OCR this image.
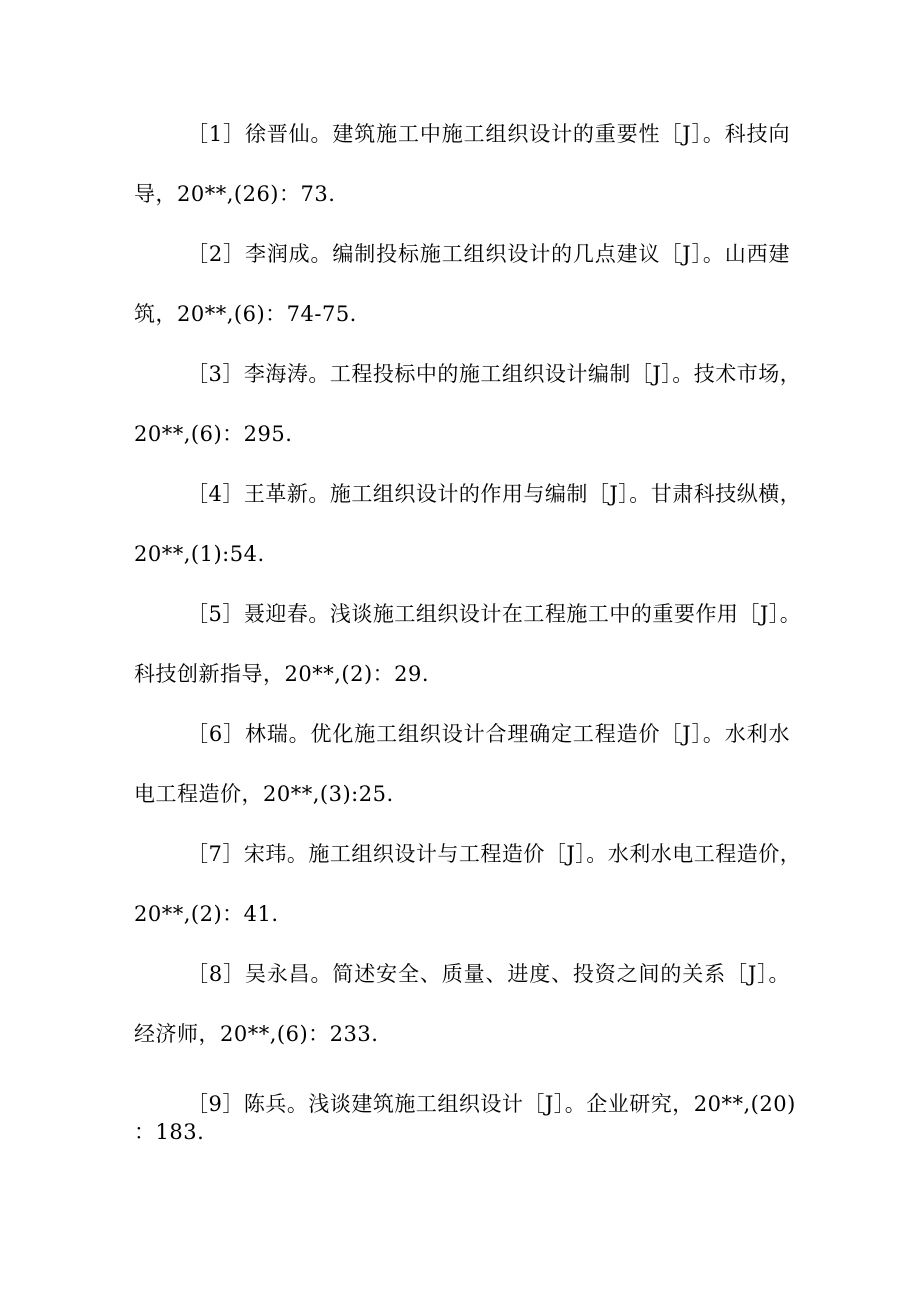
［1］徐晋仙。建筑施工中施工组织设计的重要性［J］。科技向
导，20**,(26)：73.
［2］李润成。编制投标施工组织设计的几点建议［J］。山西建
筑，20**,(6)：74-75.
［3］李海涛。工程投标中的施工组织设计编制［J］。技术市场，
20**,(6)：295.
［4］王革新。施工组织设计的作用与编制［J］。甘肃科技纵横，
20**,(1):54.
［5］聂迎春。浅谈施工组织设计在工程施工中的重要作用［J］。
科技创新指导，20**,(2)：29.
［6］林瑞。优化施工组织设计合理确定工程造价［J］。水利水
电工程造价，20**,(3):25.
［7］宋玮。施工组织设计与工程造价［J］。水利水电工程造价，
20**,(2)：41.
［8］吴永昌。简述安全、质量、进度、投资之间的关系［J］。
经济师，20**,(6)：233.
［9］陈兵。浅谈建筑施工组织设计［J］。企业研究，20**,(20)
：183.
